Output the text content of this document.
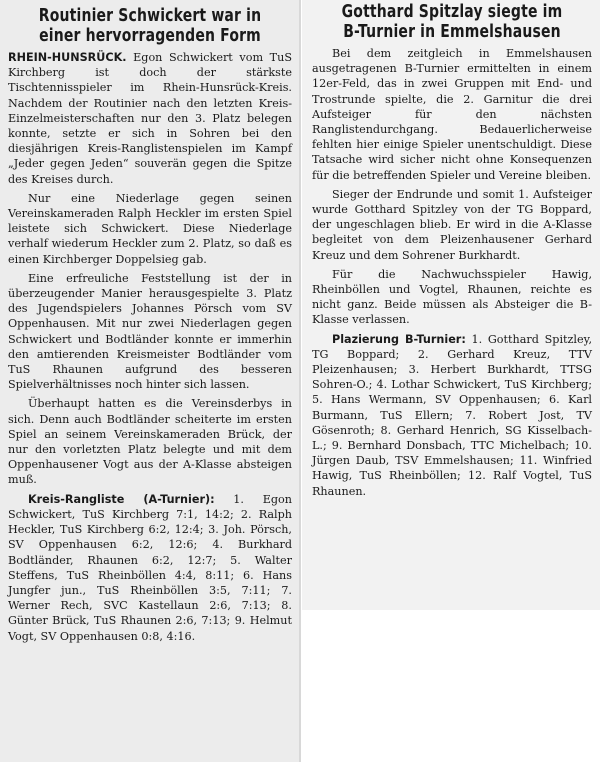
Routinier Schwickert war in einer hervorragenden Form

RHEIN-HUNSRÜCK. Egon Schwickert vom TuS Kirchberg ist doch der stärkste Tischtennisspieler im Rhein-Hunsrück-Kreis. Nachdem der Routinier nach den letzten Kreis-Einzelmeisterschaften nur den 3. Platz belegen konnte, setzte er sich in Sohren bei den diesjährigen Kreis-Ranglistenspielen im Kampf „Jeder gegen Jeden“ souverän gegen die Spitze des Kreises durch.

Nur eine Niederlage gegen seinen Vereinskameraden Ralph Heckler im ersten Spiel leistete sich Schwickert. Diese Niederlage verhalf wiederum Heckler zum 2. Platz, so daß es einen Kirchberger Doppelsieg gab.

Eine erfreuliche Feststellung ist der in überzeugender Manier herausgespielte 3. Platz des Jugendspielers Johannes Pörsch vom SV Oppenhausen. Mit nur zwei Niederlagen gegen Schwickert und Bodtländer konnte er immerhin den amtierenden Kreismeister Bodtländer vom TuS Rhaunen aufgrund des besseren Spielverhältnisses noch hinter sich lassen.

Überhaupt hatten es die Vereinsderbys in sich. Denn auch Bodtländer scheiterte im ersten Spiel an seinem Vereinskameraden Brück, der nur den vorletzten Platz belegte und mit dem Oppenhausener Vogt aus der A-Klasse absteigen muß.

Kreis-Rangliste (A-Turnier): 1. Egon Schwickert, TuS Kirchberg 7:1, 14:2; 2. Ralph Heckler, TuS Kirchberg 6:2, 12:4; 3. Joh. Pörsch, SV Oppenhausen 6:2, 12:6; 4. Burkhard Bodtländer, Rhaunen 6:2, 12:7; 5. Walter Steffens, TuS Rheinböllen 4:4, 8:11; 6. Hans Jungfer jun., TuS Rheinböllen 3:5, 7:11; 7. Werner Rech, SVC Kastellaun 2:6, 7:13; 8. Günter Brück, TuS Rhaunen 2:6, 7:13; 9. Helmut Vogt, SV Oppenhausen 0:8, 4:16.

Gotthard Spitzlay siegte im B-Turnier in Emmelshausen

Bei dem zeitgleich in Emmelshausen ausgetragenen B-Turnier ermittelten in einem 12er-Feld, das in zwei Gruppen mit End- und Trostrunde spielte, die 2. Garnitur die drei Aufsteiger für den nächsten Ranglistendurchgang. Bedauerlicherweise fehlten hier einige Spieler unentschuldigt. Diese Tatsache wird sicher nicht ohne Konsequenzen für die betreffenden Spieler und Vereine bleiben.

Sieger der Endrunde und somit 1. Aufsteiger wurde Gotthard Spitzley von der TG Boppard, der ungeschlagen blieb. Er wird in die A-Klasse begleitet von dem Pleizenhausener Gerhard Kreuz und dem Sohrener Burkhardt.

Für die Nachwuchsspieler Hawig, Rheinböllen und Vogtel, Rhaunen, reichte es nicht ganz. Beide müssen als Absteiger die B-Klasse verlassen.

Plazierung B-Turnier: 1. Gotthard Spitzley, TG Boppard; 2. Gerhard Kreuz, TTV Pleizenhausen; 3. Herbert Burkhardt, TTSG Sohren-O.; 4. Lothar Schwickert, TuS Kirchberg; 5. Hans Wermann, SV Oppenhausen; 6. Karl Burmann, TuS Ellern; 7. Robert Jost, TV Gösenroth; 8. Gerhard Henrich, SG Kisselbach-L.; 9. Bernhard Donsbach, TTC Michelbach; 10. Jürgen Daub, TSV Emmelshausen; 11. Winfried Hawig, TuS Rheinböllen; 12. Ralf Vogtel, TuS Rhaunen.
